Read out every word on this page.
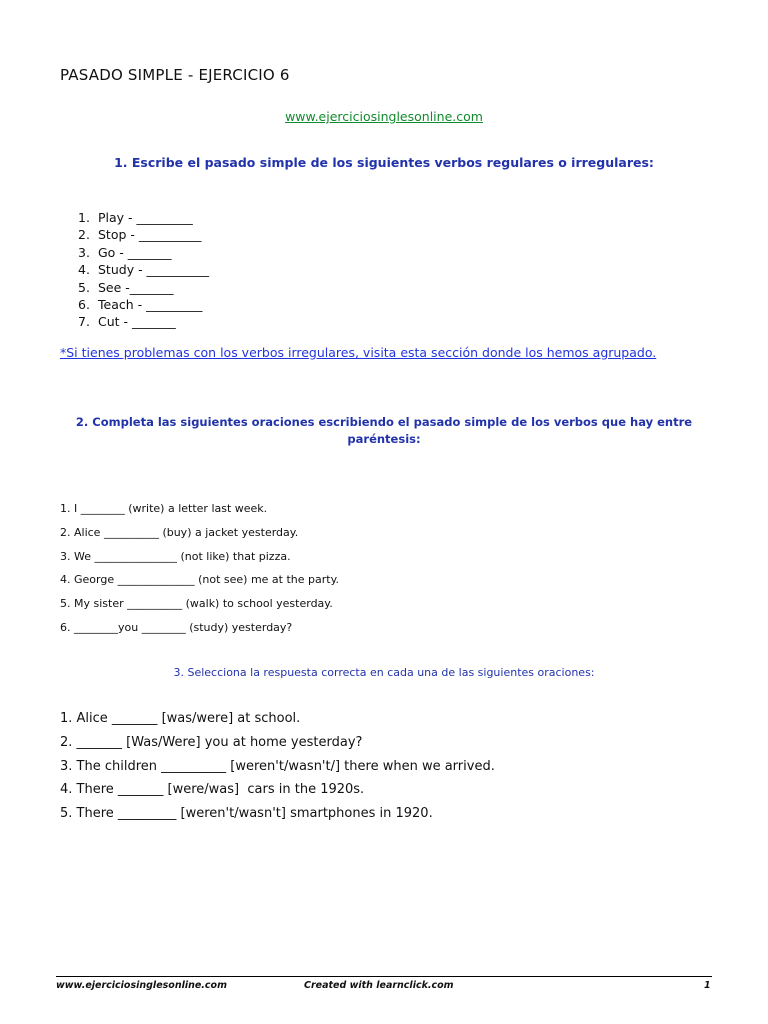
PASADO SIMPLE - EJERCICIO 6
www.ejerciciosinglesonline.com
1. Escribe el pasado simple de los siguientes verbos regulares o irregulares:
1. Play - _________
2. Stop - __________
3. Go - _______
4. Study - __________
5. See -_______
6. Teach - _________
7. Cut - _______
*Si tienes problemas con los verbos irregulares, visita esta sección donde los hemos agrupado.
2. Completa las siguientes oraciones escribiendo el pasado simple de los verbos que hay entre
paréntesis:
1. I ________ (write) a letter last week.
2. Alice __________ (buy) a jacket yesterday.
3. We _______________ (not like) that pizza.
4. George ______________ (not see) me at the party.
5. My sister __________ (walk) to school yesterday.
6. ________you ________ (study) yesterday?
3. Selecciona la respuesta correcta en cada una de las siguientes oraciones:
1. Alice _______ [was/were] at school.
2. _______ [Was/Were] you at home yesterday?
3. The children __________ [weren't/wasn't/] there when we arrived.
4. There _______ [were/was]  cars in the 1920s.
5. There _________ [weren't/wasn't] smartphones in 1920.
www.ejerciciosinglesonline.com	Created with learnclick.com	1
